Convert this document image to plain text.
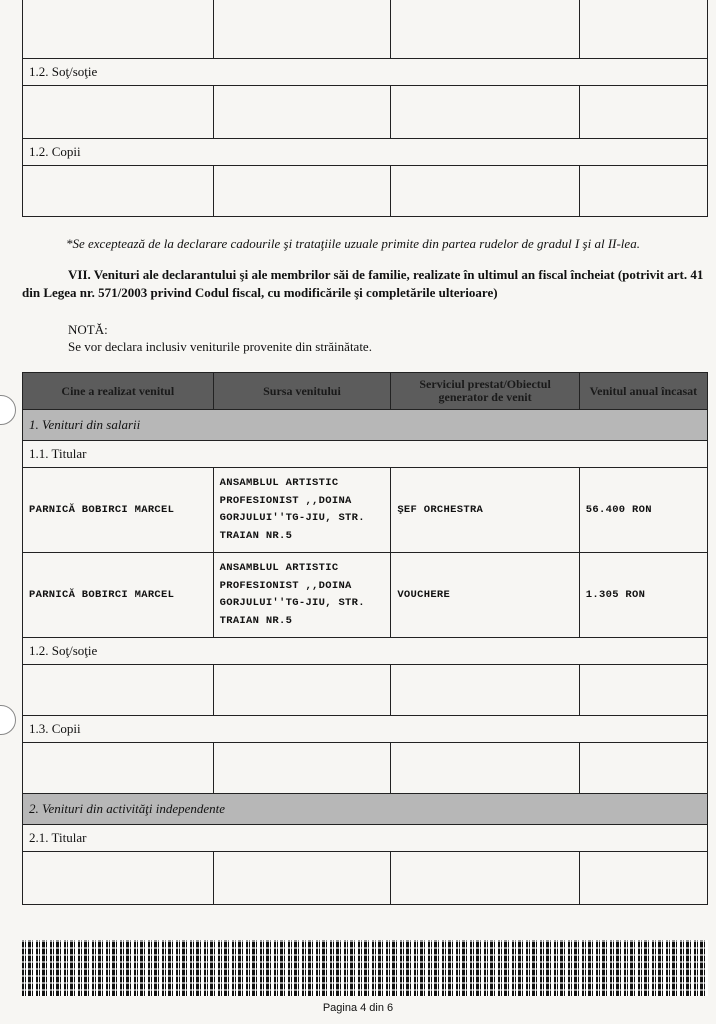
1.2. Soţ/soţie			

1.2. Copii			

*Se exceptează de la declarare cadourile şi trataţiile uzuale primite din partea rudelor de gradul I şi al II-lea.
VII. Venituri ale declarantului şi ale membrilor săi de familie, realizate în ultimul an fiscal încheiat (potrivit art. 41 din Legea nr. 571/2003 privind Codul fiscal, cu modificările şi completările ulterioare)
NOTĂ:
Se vor declara inclusiv veniturile provenite din străinătate.
Cine a realizat venitul	Sursa venitului	Serviciul prestat/Obiectul generator de venit	Venitul anual încasat
1. Venituri din salarii			
1.1. Titular			
PARNICĂ BOBIRCI MARCEL	ANSAMBLUL ARTISTIC
PROFESIONIST ,,DOINA
GORJULUI''TG-JIU, STR.
TRAIAN NR.5	ŞEF ORCHESTRA	56.400 RON
PARNICĂ BOBIRCI MARCEL	ANSAMBLUL ARTISTIC
PROFESIONIST ,,DOINA
GORJULUI''TG-JIU, STR.
TRAIAN NR.5	VOUCHERE	1.305 RON
1.2. Soţ/soţie			

1.3. Copii			

2. Venituri din activităţi independente			
2.1. Titular			

Pagina 4 din 6
